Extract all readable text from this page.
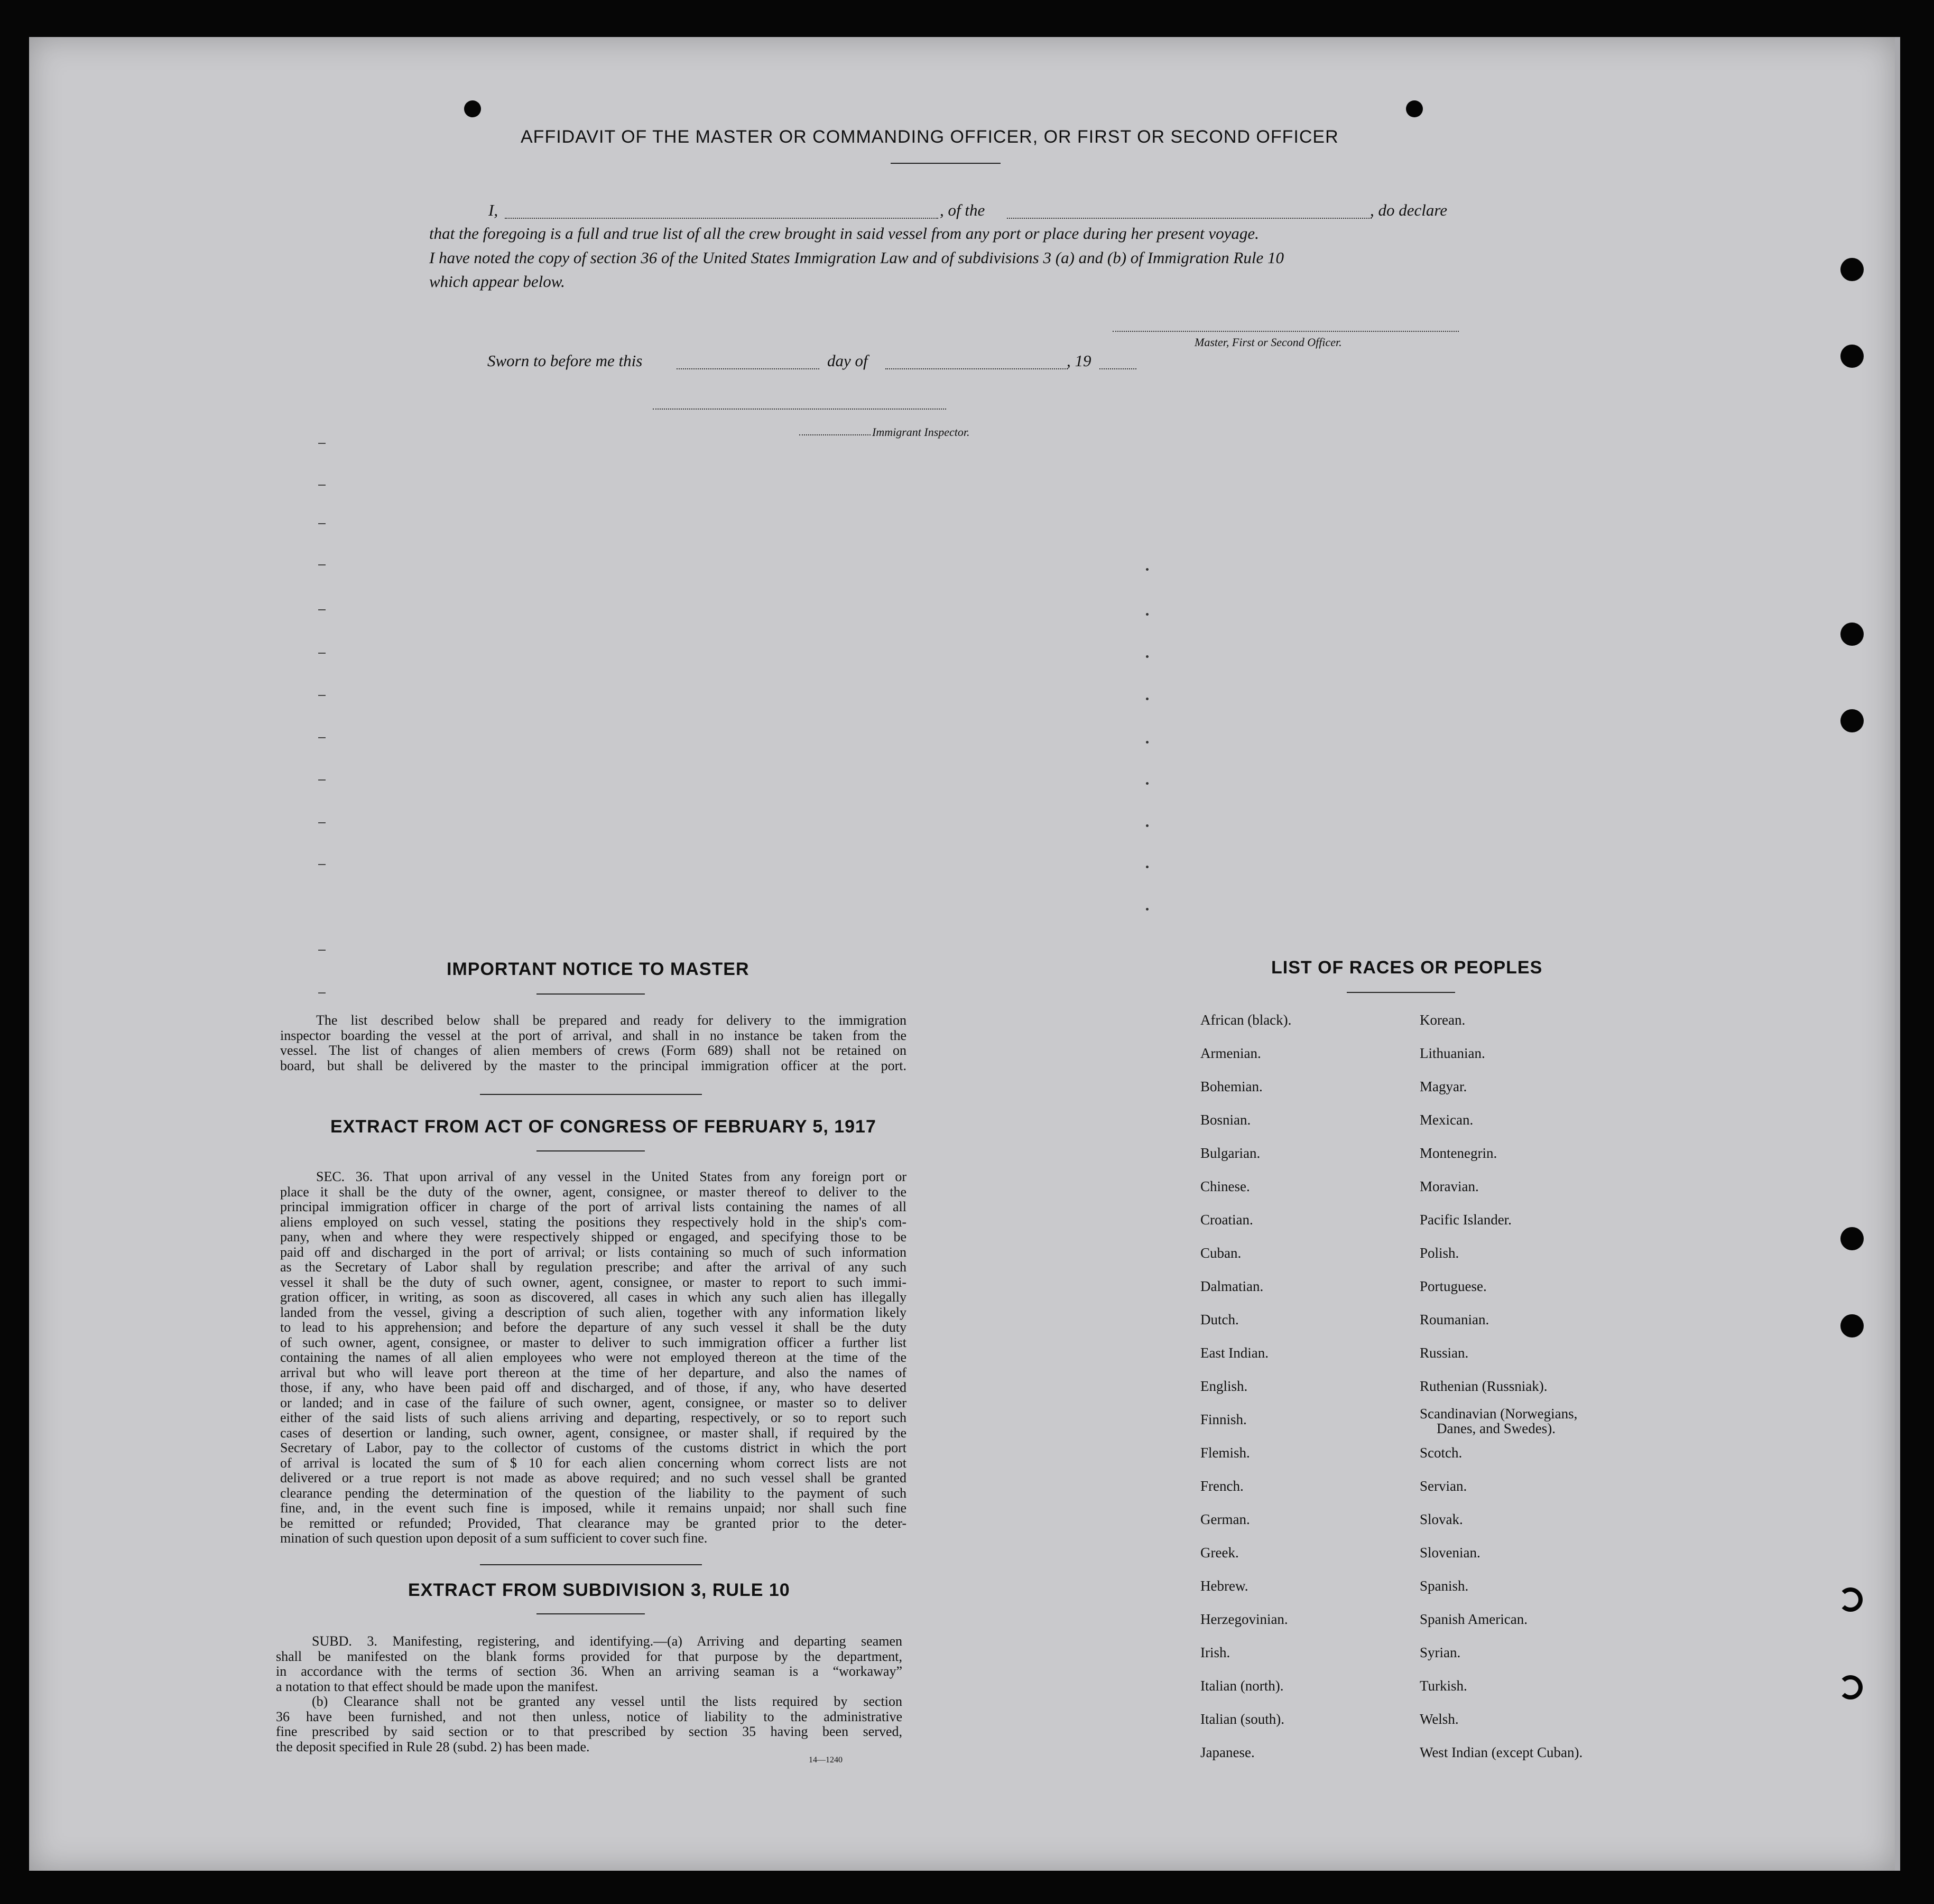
AFFIDAVIT OF THE MASTER OR COMMANDING OFFICER, OR FIRST OR SECOND OFFICER
I,	, of the	, do declare
that the foregoing is a full and true list of all the crew brought in said vessel from any port or place during her present voyage.
I have noted the copy of section 36 of the United States Immigration Law and of subdivisions 3 (a) and (b) of Immigration Rule 10
which appear below.
Master, First or Second Officer.
Sworn to before me this	day of	, 19
Immigrant Inspector.
IMPORTANT NOTICE TO MASTER
The list described below shall be prepared and ready for delivery to the immigration
inspector boarding the vessel at the port of arrival, and shall in no instance be taken from the
vessel. The list of changes of alien members of crews (Form 689) shall not be retained on
board, but shall be delivered by the master to the principal immigration officer at the port.
EXTRACT FROM ACT OF CONGRESS OF FEBRUARY 5, 1917
SEC. 36. That upon arrival of any vessel in the United States from any foreign port or
place it shall be the duty of the owner, agent, consignee, or master thereof to deliver to the
principal immigration officer in charge of the port of arrival lists containing the names of all
aliens employed on such vessel, stating the positions they respectively hold in the ship's com-
pany, when and where they were respectively shipped or engaged, and specifying those to be
paid off and discharged in the port of arrival; or lists containing so much of such information
as the Secretary of Labor shall by regulation prescribe; and after the arrival of any such
vessel it shall be the duty of such owner, agent, consignee, or master to report to such immi-
gration officer, in writing, as soon as discovered, all cases in which any such alien has illegally
landed from the vessel, giving a description of such alien, together with any information likely
to lead to his apprehension; and before the departure of any such vessel it shall be the duty
of such owner, agent, consignee, or master to deliver to such immigration officer a further list
containing the names of all alien employees who were not employed thereon at the time of the
arrival but who will leave port thereon at the time of her departure, and also the names of
those, if any, who have been paid off and discharged, and of those, if any, who have deserted
or landed; and in case of the failure of such owner, agent, consignee, or master so to deliver
either of the said lists of such aliens arriving and departing, respectively, or so to report such
cases of desertion or landing, such owner, agent, consignee, or master shall, if required by the
Secretary of Labor, pay to the collector of customs of the customs district in which the port
of arrival is located the sum of $ 10 for each alien concerning whom correct lists are not
delivered or a true report is not made as above required; and no such vessel shall be granted
clearance pending the determination of the question of the liability to the payment of such
fine, and, in the event such fine is imposed, while it remains unpaid; nor shall such fine
be remitted or refunded; Provided, That clearance may be granted prior to the deter-
mination of such question upon deposit of a sum sufficient to cover such fine.
EXTRACT FROM SUBDIVISION 3, RULE 10
SUBD. 3. Manifesting, registering, and identifying.—(a) Arriving and departing seamen
shall be manifested on the blank forms provided for that purpose by the department,
in accordance with the terms of section 36. When an arriving seaman is a “workaway”
a notation to that effect should be made upon the manifest.
(b) Clearance shall not be granted any vessel until the lists required by section
36 have been furnished, and not then unless, notice of liability to the administrative
fine prescribed by said section or to that prescribed by section 35 having been served,
the deposit specified in Rule 28 (subd. 2) has been made.
14—1240
LIST OF RACES OR PEOPLES
African (black).
Armenian.
Bohemian.
Bosnian.
Bulgarian.
Chinese.
Croatian.
Cuban.
Dalmatian.
Dutch.
East Indian.
English.
Finnish.
Flemish.
French.
German.
Greek.
Hebrew.
Herzegovinian.
Irish.
Italian (north).
Italian (south).
Japanese.
Korean.
Lithuanian.
Magyar.
Mexican.
Montenegrin.
Moravian.
Pacific Islander.
Polish.
Portuguese.
Roumanian.
Russian.
Ruthenian (Russniak).
Scandinavian (Norwegians,
Danes, and Swedes).
Scotch.
Servian.
Slovak.
Slovenian.
Spanish.
Spanish American.
Syrian.
Turkish.
Welsh.
West Indian (except Cuban).
